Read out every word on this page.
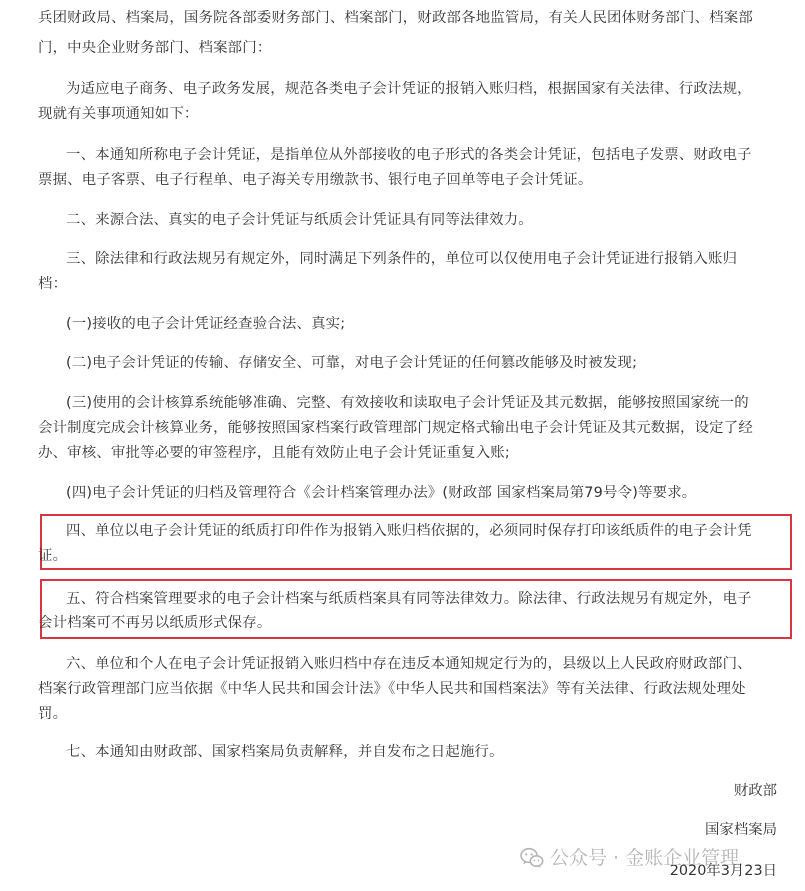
兵团财政局、档案局，国务院各部委财务部门、档案部门，财政部各地监管局，有关人民团体财务部门、档案部
门，中央企业财务部门、档案部门：
为适应电子商务、电子政务发展，规范各类电子会计凭证的报销入账归档，根据国家有关法律、行政法规，
现就有关事项通知如下：
一、本通知所称电子会计凭证，是指单位从外部接收的电子形式的各类会计凭证，包括电子发票、财政电子
票据、电子客票、电子行程单、电子海关专用缴款书、银行电子回单等电子会计凭证。
二、来源合法、真实的电子会计凭证与纸质会计凭证具有同等法律效力。
三、除法律和行政法规另有规定外，同时满足下列条件的，单位可以仅使用电子会计凭证进行报销入账归
档：
(一)接收的电子会计凭证经查验合法、真实;
(二)电子会计凭证的传输、存储安全、可靠，对电子会计凭证的任何篡改能够及时被发现;
(三)使用的会计核算系统能够准确、完整、有效接收和读取电子会计凭证及其元数据，能够按照国家统一的
会计制度完成会计核算业务，能够按照国家档案行政管理部门规定格式输出电子会计凭证及其元数据，设定了经
办、审核、审批等必要的审签程序，且能有效防止电子会计凭证重复入账;
(四)电子会计凭证的归档及管理符合《会计档案管理办法》(财政部 国家档案局第79号令)等要求。
四、单位以电子会计凭证的纸质打印件作为报销入账归档依据的，必须同时保存打印该纸质件的电子会计凭
证。
五、符合档案管理要求的电子会计档案与纸质档案具有同等法律效力。除法律、行政法规另有规定外，电子
会计档案可不再另以纸质形式保存。
六、单位和个人在电子会计凭证报销入账归档中存在违反本通知规定行为的，县级以上人民政府财政部门、
档案行政管理部门应当依据《中华人民共和国会计法》《中华人民共和国档案法》等有关法律、行政法规处理处
罚。
七、本通知由财政部、国家档案局负责解释，并自发布之日起施行。
财政部
国家档案局
2020年3月23日
公众号 · 金账企业管理
